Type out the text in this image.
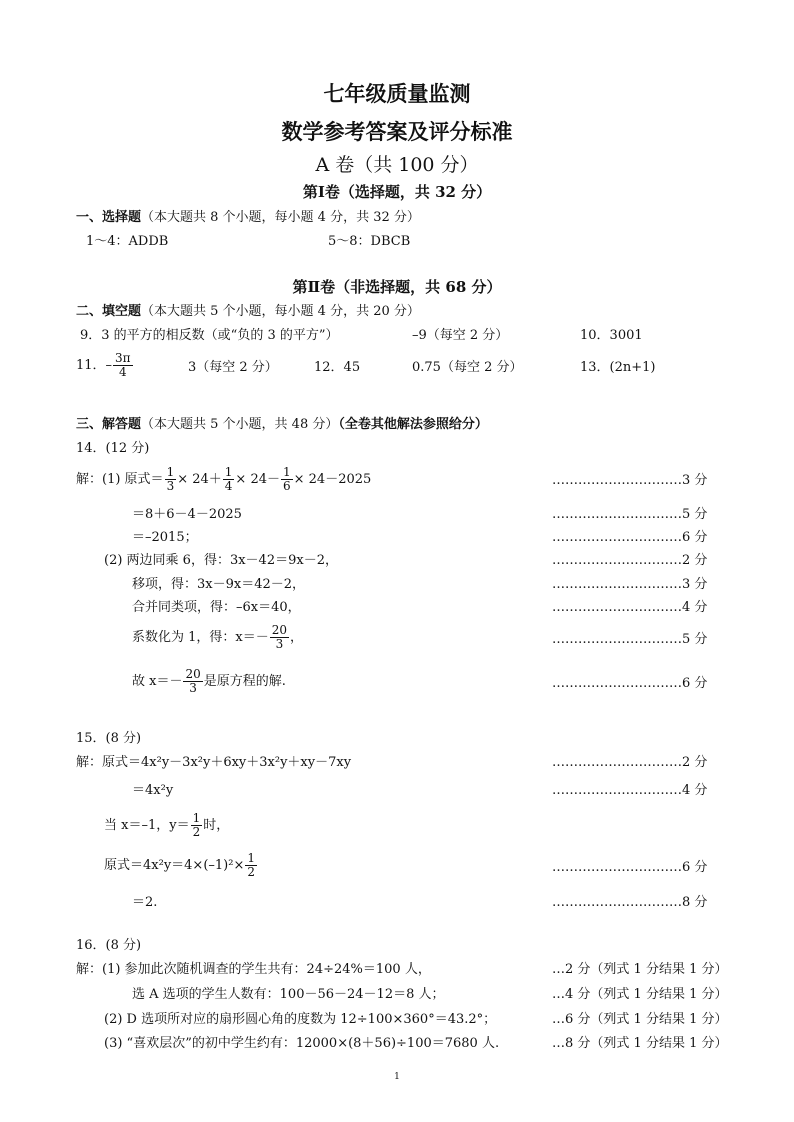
七年级质量监测
数学参考答案及评分标准
A 卷（共 100 分）
第Ⅰ卷（选择题，共 32 分）
一、选择题（本大题共 8 个小题，每小题 4 分，共 32 分）
1～4：ADDB	5～8：DBCB
第Ⅱ卷（非选择题，共 68 分）
二、填空题（本大题共 5 个小题，每小题 4 分，共 20 分）
9．3 的平方的相反数（或“负的 3 的平方”）	–9（每空 2 分）	10．3001
11．– $\frac{3\pi}{4}$	3（每空 2 分）	12．45	0.75（每空 2 分）	13．(2n+1)
三、解答题（本大题共 5 个小题，共 48 分）（全卷其他解法参照给分）
14．(12 分)
解：(1) 原式＝ $\frac{1}{3} \times 24+ \frac{1}{4} \times 24- \frac{1}{6} \times 24-2025$	…………………………3 分
＝8＋6－4－2025	…………………………5 分
＝–2015；	…………………………6 分
(2) 两边同乘 6，得：3x－42＝9x－2，	…………………………2 分
移项，得：3x－9x＝42－2，	…………………………3 分
合并同类项，得：–6x＝40，	…………………………4 分
系数化为 1，得：$x=- \frac{20}{3}$ ，	…………………………5 分
故 $x=- \frac{20}{3}$ 是原方程的解.	…………………………6 分
15．(8 分)
解：原式＝4x²y－3x²y＋6xy＋3x²y＋xy－7xy	…………………………2 分
＝4x²y	…………………………4 分
当 x＝–1，$y= \frac{1}{2}$ 时，
原式$=4x^2y=4\times(-1)^2\times \frac{1}{2}$	…………………………6 分
＝2.	…………………………8 分
16．(8 分)
解：(1) 参加此次随机调查的学生共有：24÷24%＝100 人，	…2 分（列式 1 分结果 1 分）
选 A 选项的学生人数有：100－56－24－12＝8 人；	…4 分（列式 1 分结果 1 分）
(2) D 选项所对应的扇形圆心角的度数为 12÷100×360°＝43.2°；	…6 分（列式 1 分结果 1 分）
(3) “喜欢层次”的初中学生约有：12000×(8＋56)÷100＝7680 人.	…8 分（列式 1 分结果 1 分）
1
